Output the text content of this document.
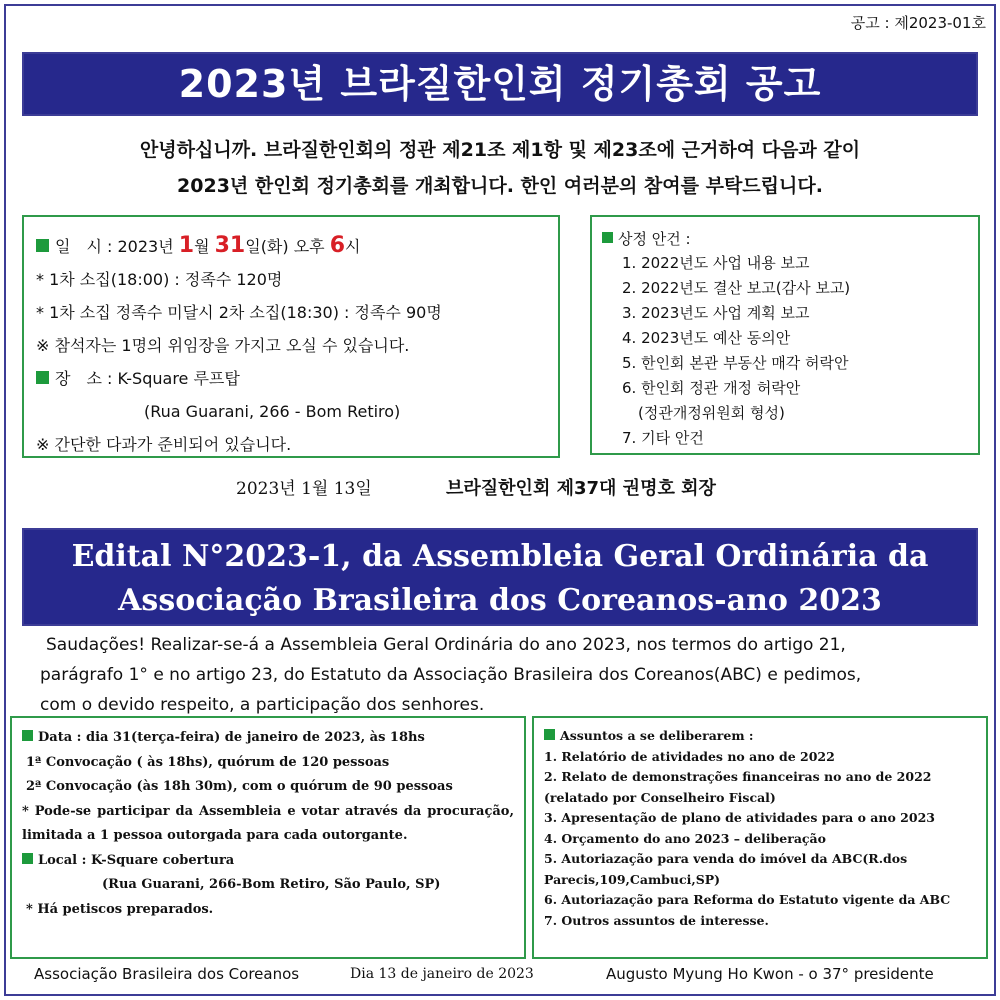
공고 : 제2023-01호
2023년 브라질한인회 정기총회 공고
안녕하십니까. 브라질한인회의 정관 제21조 제1항 및 제23조에 근거하여 다음과 같이
2023년 한인회 정기총회를 개최합니다. 한인 여러분의 참여를 부탁드립니다.
일　시 : 2023년 1월 31일(화) 오후 6시
* 1차 소집(18:00) : 정족수 120명
* 1차 소집 정족수 미달시 2차 소집(18:30) : 정족수 90명
※ 참석자는 1명의 위임장을 가지고 오실 수 있습니다.
장　소 : K-Square 루프탑
(Rua Guarani, 266 - Bom Retiro)
※ 간단한 다과가 준비되어 있습니다.
상정 안건 :
1. 2022년도 사업 내용 보고
2. 2022년도 결산 보고(감사 보고)
3. 2023년도 사업 계획 보고
4. 2023년도 예산 동의안
5. 한인회 본관 부동산 매각 허락안
6. 한인회 정관 개정 허락안
(정관개정위원회 형성)
7. 기타 안건
2023년 1월 13일	브라질한인회 제37대 권명호 회장
Edital N°2023-1, da Assembleia Geral Ordinária da
Associação Brasileira dos Coreanos-ano 2023
Saudações! Realizar-se-á a Assembleia Geral Ordinária do ano 2023, nos termos do artigo 21,
parágrafo 1° e no artigo 23, do Estatuto da Associação Brasileira dos Coreanos(ABC) e pedimos,
com o devido respeito, a participação dos senhores.
Data : dia 31(terça-feira) de janeiro de 2023, às 18hs
1ª Convocação ( às 18hs), quórum de 120 pessoas
2ª Convocação (às 18h 30m), com o quórum de 90 pessoas
* Pode-se participar da Assembleia e votar através da procuração, limitada a 1 pessoa outorgada para cada outorgante.
Local : K-Square cobertura
(Rua Guarani, 266-Bom Retiro, São Paulo, SP)
* Há petiscos preparados.
Assuntos a se deliberarem :
1. Relatório de atividades no ano de 2022
2. Relato de demonstrações financeiras no ano de 2022 (relatado por Conselheiro Fiscal)
3. Apresentação de plano de atividades para o ano 2023
4. Orçamento do ano 2023 – deliberação
5. Autoriazação para venda do imóvel da ABC(R.dos Parecis,109,Cambuci,SP)
6. Autoriazação para Reforma do Estatuto vigente da ABC
7. Outros assuntos de interesse.
Associação Brasileira dos Coreanos	Dia 13 de janeiro de 2023	Augusto Myung Ho Kwon - o 37° presidente
